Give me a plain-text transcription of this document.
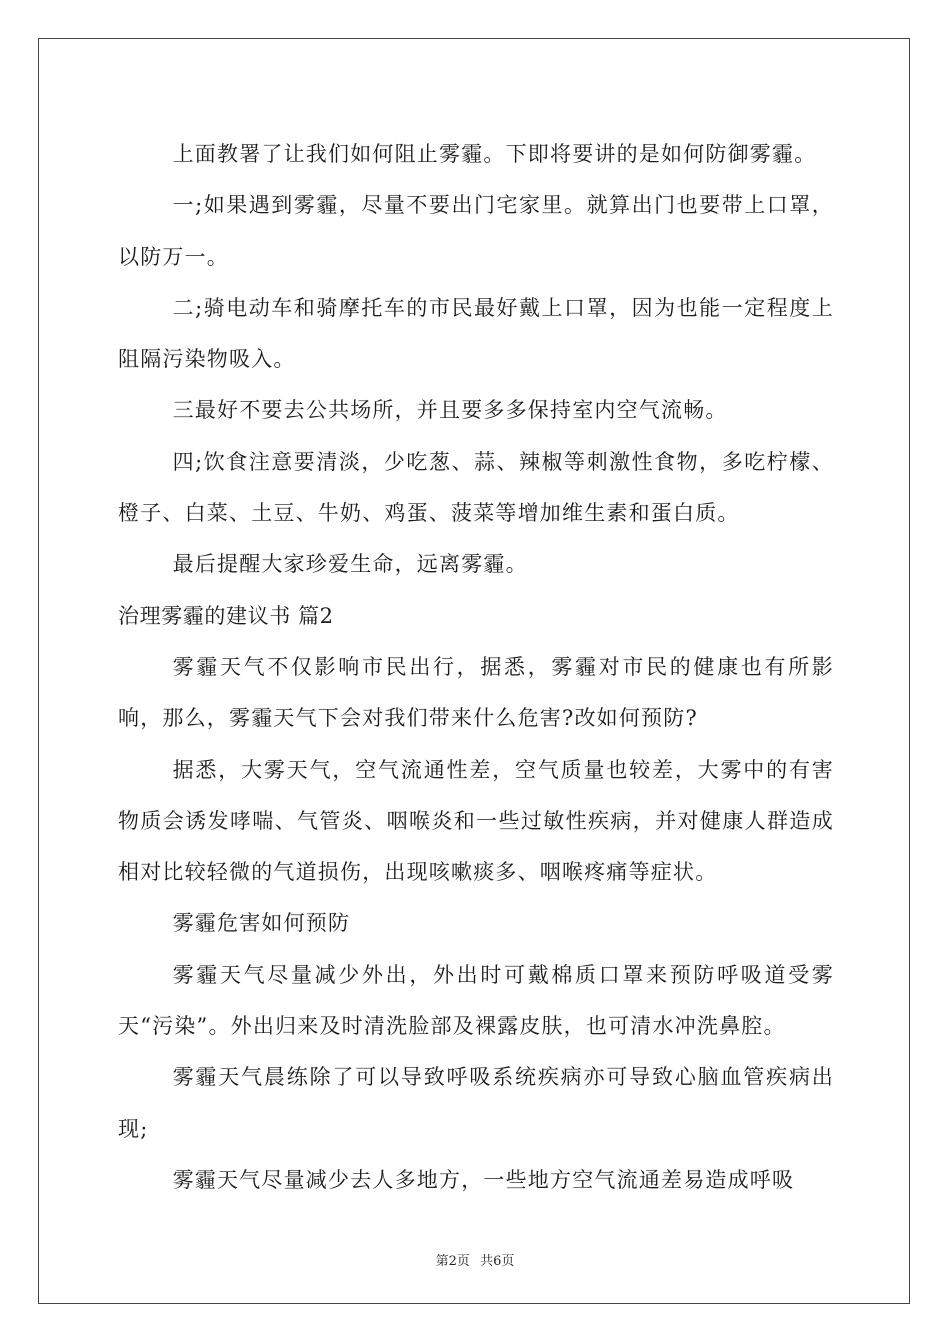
上面教署了让我们如何阻止雾霾。下即将要讲的是如何防御雾霾。

一;如果遇到雾霾，尽量不要出门宅家里。就算出门也要带上口罩，以防万一。

二;骑电动车和骑摩托车的市民最好戴上口罩，因为也能一定程度上阻隔污染物吸入。

三最好不要去公共场所，并且要多多保持室内空气流畅。

四;饮食注意要清淡，少吃葱、蒜、辣椒等刺激性食物，多吃柠檬、橙子、白菜、土豆、牛奶、鸡蛋、菠菜等增加维生素和蛋白质。

最后提醒大家珍爱生命，远离雾霾。

治理雾霾的建议书 篇2

雾霾天气不仅影响市民出行，据悉，雾霾对市民的健康也有所影响，那么，雾霾天气下会对我们带来什么危害?改如何预防?

据悉，大雾天气，空气流通性差，空气质量也较差，大雾中的有害物质会诱发哮喘、气管炎、咽喉炎和一些过敏性疾病，并对健康人群造成相对比较轻微的气道损伤，出现咳嗽痰多、咽喉疼痛等症状。

雾霾危害如何预防

雾霾天气尽量减少外出，外出时可戴棉质口罩来预防呼吸道受雾天“污染”。外出归来及时清洗脸部及裸露皮肤，也可清水冲洗鼻腔。

雾霾天气晨练除了可以导致呼吸系统疾病亦可导致心脑血管疾病出现;

雾霾天气尽量减少去人多地方，一些地方空气流通差易造成呼吸

第2页 共6页
